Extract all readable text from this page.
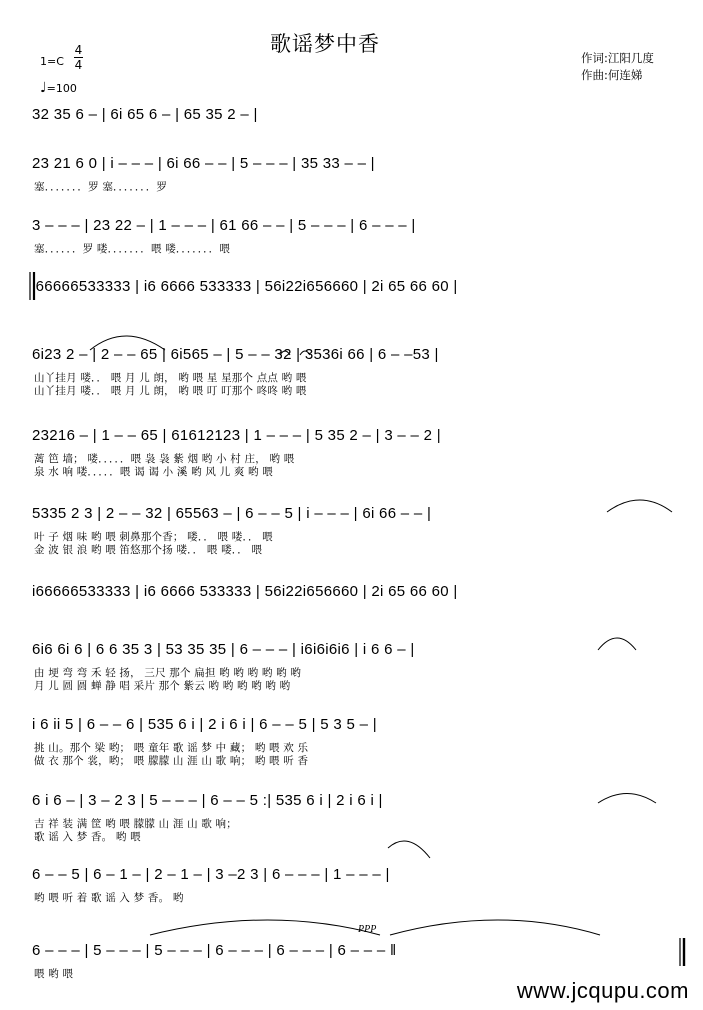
歌谣梦中香
1=C
4
4
♩=100
作词:江阳几度
作曲:何连娣
32 35 6 – | 6i 65 6 – | 65 35 2 – |
23 21 6 0 | i – – – | 6i 66 – – | 5 – – – | 35 33 – – |
塞．．．．．．．罗 塞．．．．．．．罗
3 – – – | 23 22 – | 1 – – – | 61 66 – – | 5 – – – | 6 – – – |
塞．．．．．．罗 喽．．．．．．．喂 喽．．．．．．．喂
i66666533333 | i6 6666 533333 | 56i22i656660 | 2i 65 66 60 |
6i23 2 – | 2 – – 65 | 6i565 – | 5 – – 32 | 3536i 66 | 6 – –53 |
山丫挂月 喽．． 喂 月 儿 朗， 哟 喂 星 星那个 点点 哟 喂
山丫挂月 喽．． 喂 月 儿 朗， 哟 喂 叮 叮那个 咚咚 哟 喂
23216 – | 1 – – 65 | 61612123 | 1 – – – | 5 35 2 – | 3 – – 2 |
蓠 笆 墙； 喽．．．．．喂 袅 袅 紫 烟 哟 小 村 庄， 哟 喂
泉 水 响 喽．．．．．喂 谒 谒 小 溪 哟 风 儿 爽 哟 喂
5335 2 3 | 2 – – 32 | 65563 – | 6 – – 5 | i – – – | 6i 66 – – |
叶 子 烟 味 哟 喂 刺鼻那个香； 喽．． 喂 喽．． 喂
金 波 银 浪 哟 喂 笛悠那个扬 喽．． 喂 喽．． 喂
i66666533333 | i6 6666 533333 | 56i22i656660 | 2i 65 66 60 |
6i6 6i 6 | 6 6 35 3 | 53 35 35 | 6 – – – | i6i6i6i6 | i 6 6 – |
由 埂 弯 弯 禾 轻 扬， 三尺 那个 扁担 哟 哟 哟 哟 哟 哟
月 儿 圆 圆 蝉 静 唱 采片 那个 紫云 哟 哟 哟 哟 哟 哟
i 6 ii 5 | 6 – – 6 | 535 6 i | 2 i 6 i | 6 – – 5 | 5 3 5 – |
挑 山。那个 梁 哟； 喂 童年 歌 谣 梦 中 藏； 哟 喂 欢 乐
做 衣 那个 裳，哟； 喂 朦朦 山 涯 山 歌 响； 哟 喂 听 香
6 i 6 – | 3 – 2 3 | 5 – – – | 6 – – 5 :| 535 6 i | 2 i 6 i |
吉 祥 装 满 筐 哟 喂 朦朦 山 涯 山 歌 响；
歌 谣 入 梦 香。 哟 喂
6 – – 5 | 6 – 1 – | 2 – 1 – | 3 –2 3 | 6 – – – | 1 – – – |
哟 喂 听 着 歌 谣 入 梦 香。 哟
6 – – – | 5 – – – | 5 – – – | 6 – – – | 6 – – – | 6 – – – ‖
喂 哟 喂
PPP
www.jcqupu.com
